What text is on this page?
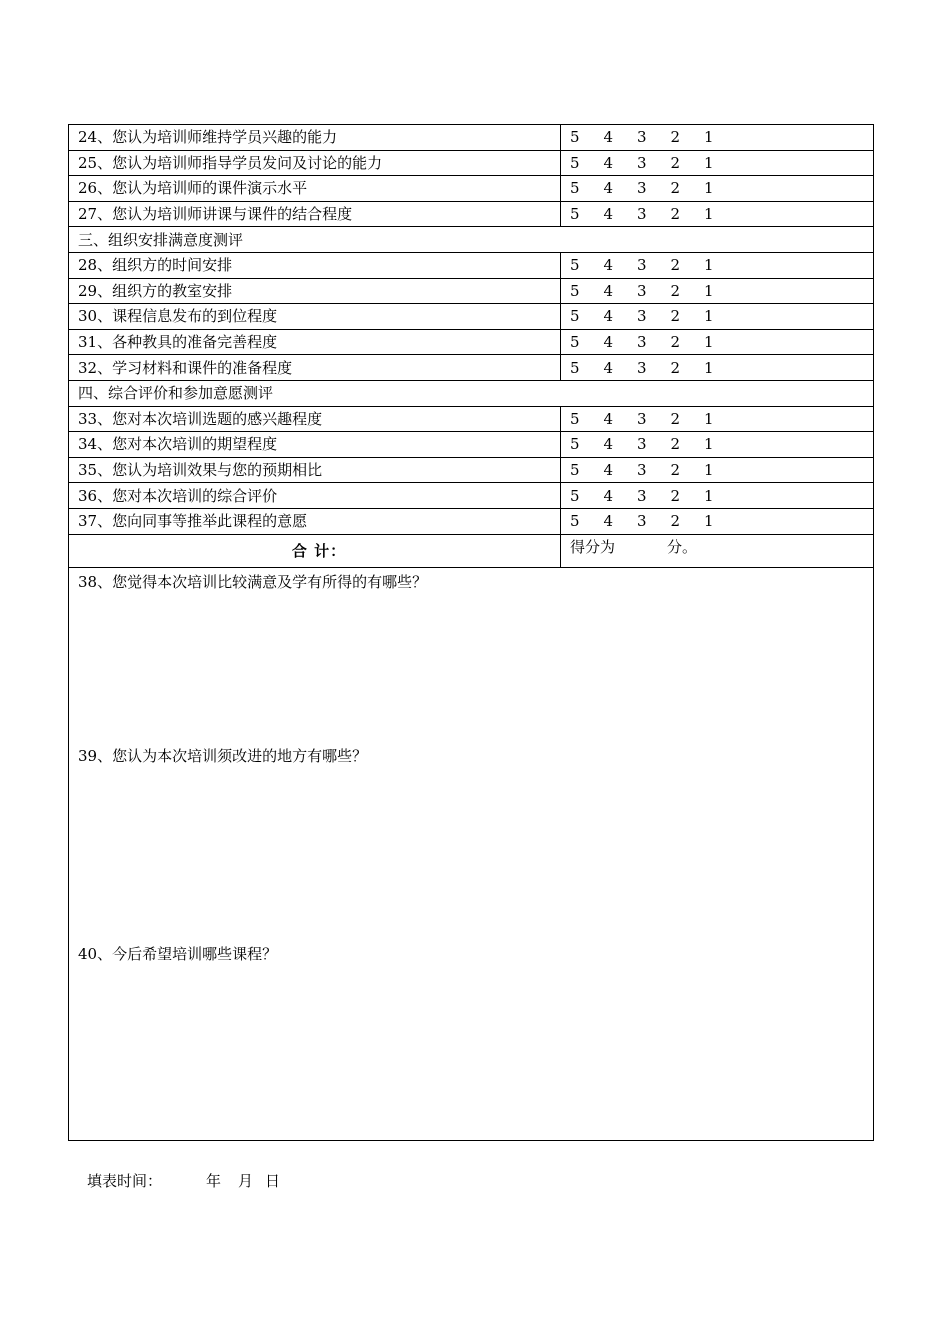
24、您认为培训师维持学员兴趣的能力	5 4 3 2 1
25、您认为培训师指导学员发问及讨论的能力	5 4 3 2 1
26、您认为培训师的课件演示水平	5 4 3 2 1
27、您认为培训师讲课与课件的结合程度	5 4 3 2 1
三、组织安排满意度测评	
28、组织方的时间安排	5 4 3 2 1
29、组织方的教室安排	5 4 3 2 1
30、课程信息发布的到位程度	5 4 3 2 1
31、各种教具的准备完善程度	5 4 3 2 1
32、学习材料和课件的准备程度	5 4 3 2 1
四、综合评价和参加意愿测评	
33、您对本次培训选题的感兴趣程度	5 4 3 2 1
34、您对本次培训的期望程度	5 4 3 2 1
35、您认为培训效果与您的预期相比	5 4 3 2 1
36、您对本次培训的综合评价	5 4 3 2 1
37、您向同事等推举此课程的意愿	5 4 3 2 1
合 计：	得分为 分。

38、您觉得本次培训比较满意及学有所得的有哪些？
39、您认为本次培训须改进的地方有哪些？
40、今后希望培训哪些课程？	
填表时间：	年 月 日
